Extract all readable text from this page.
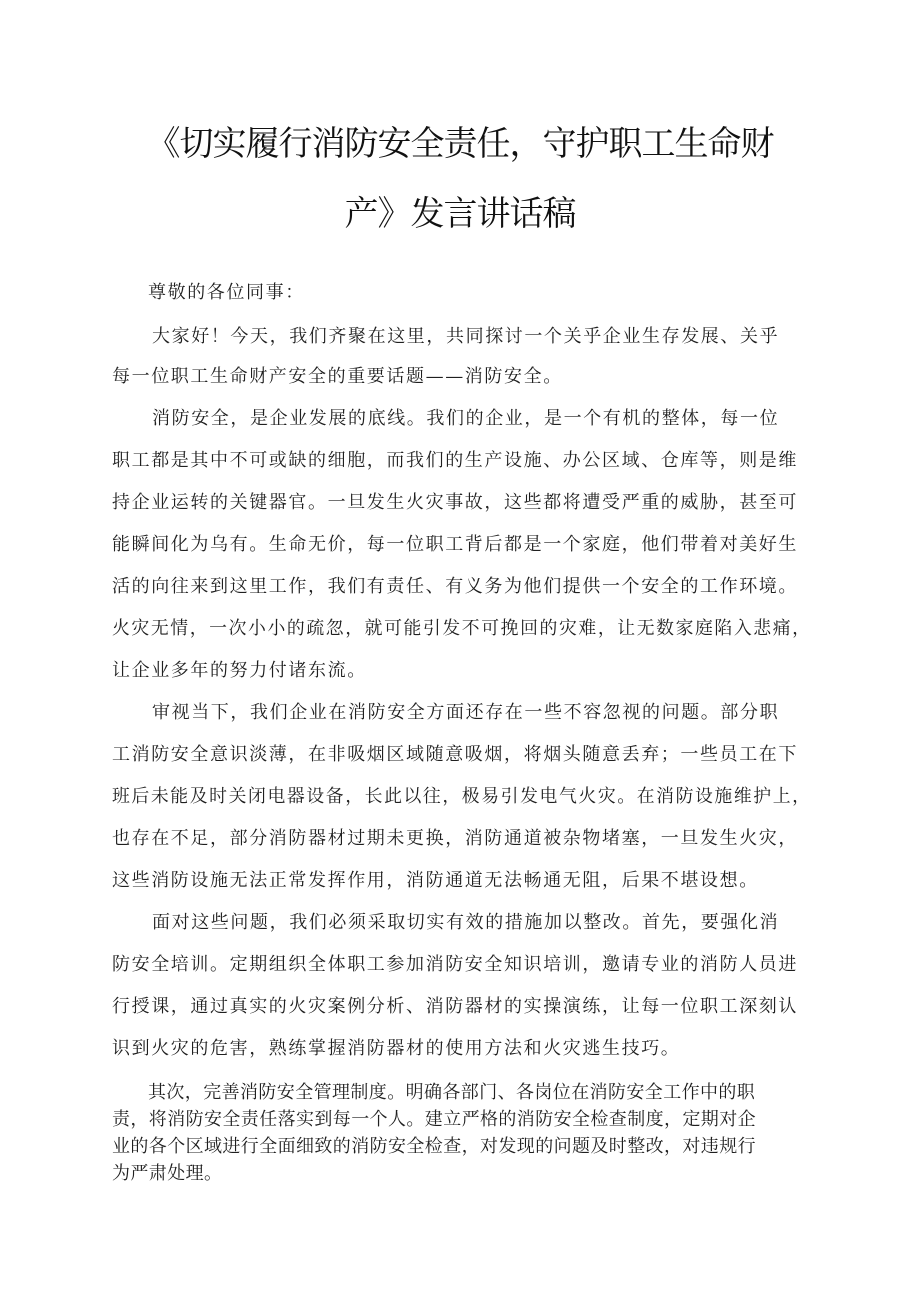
《切实履行消防安全责任，守护职工生命财
产》发言讲话稿
尊敬的各位同事：
大家好！今天，我们齐聚在这里，共同探讨一个关乎企业生存发展、关乎
每一位职工生命财产安全的重要话题——消防安全。
消防安全，是企业发展的底线。我们的企业，是一个有机的整体，每一位
职工都是其中不可或缺的细胞，而我们的生产设施、办公区域、仓库等，则是维
持企业运转的关键器官。一旦发生火灾事故，这些都将遭受严重的威胁，甚至可
能瞬间化为乌有。生命无价，每一位职工背后都是一个家庭，他们带着对美好生
活的向往来到这里工作，我们有责任、有义务为他们提供一个安全的工作环境。
火灾无情，一次小小的疏忽，就可能引发不可挽回的灾难，让无数家庭陷入悲痛，
让企业多年的努力付诸东流。
审视当下，我们企业在消防安全方面还存在一些不容忽视的问题。部分职
工消防安全意识淡薄，在非吸烟区域随意吸烟，将烟头随意丢弃；一些员工在下
班后未能及时关闭电器设备，长此以往，极易引发电气火灾。在消防设施维护上，
也存在不足，部分消防器材过期未更换，消防通道被杂物堵塞，一旦发生火灾，
这些消防设施无法正常发挥作用，消防通道无法畅通无阻，后果不堪设想。
面对这些问题，我们必须采取切实有效的措施加以整改。首先，要强化消
防安全培训。定期组织全体职工参加消防安全知识培训，邀请专业的消防人员进
行授课，通过真实的火灾案例分析、消防器材的实操演练，让每一位职工深刻认
识到火灾的危害，熟练掌握消防器材的使用方法和火灾逃生技巧。
其次，完善消防安全管理制度。明确各部门、各岗位在消防安全工作中的职
责，将消防安全责任落实到每一个人。建立严格的消防安全检查制度，定期对企
业的各个区域进行全面细致的消防安全检查，对发现的问题及时整改，对违规行
为严肃处理。
